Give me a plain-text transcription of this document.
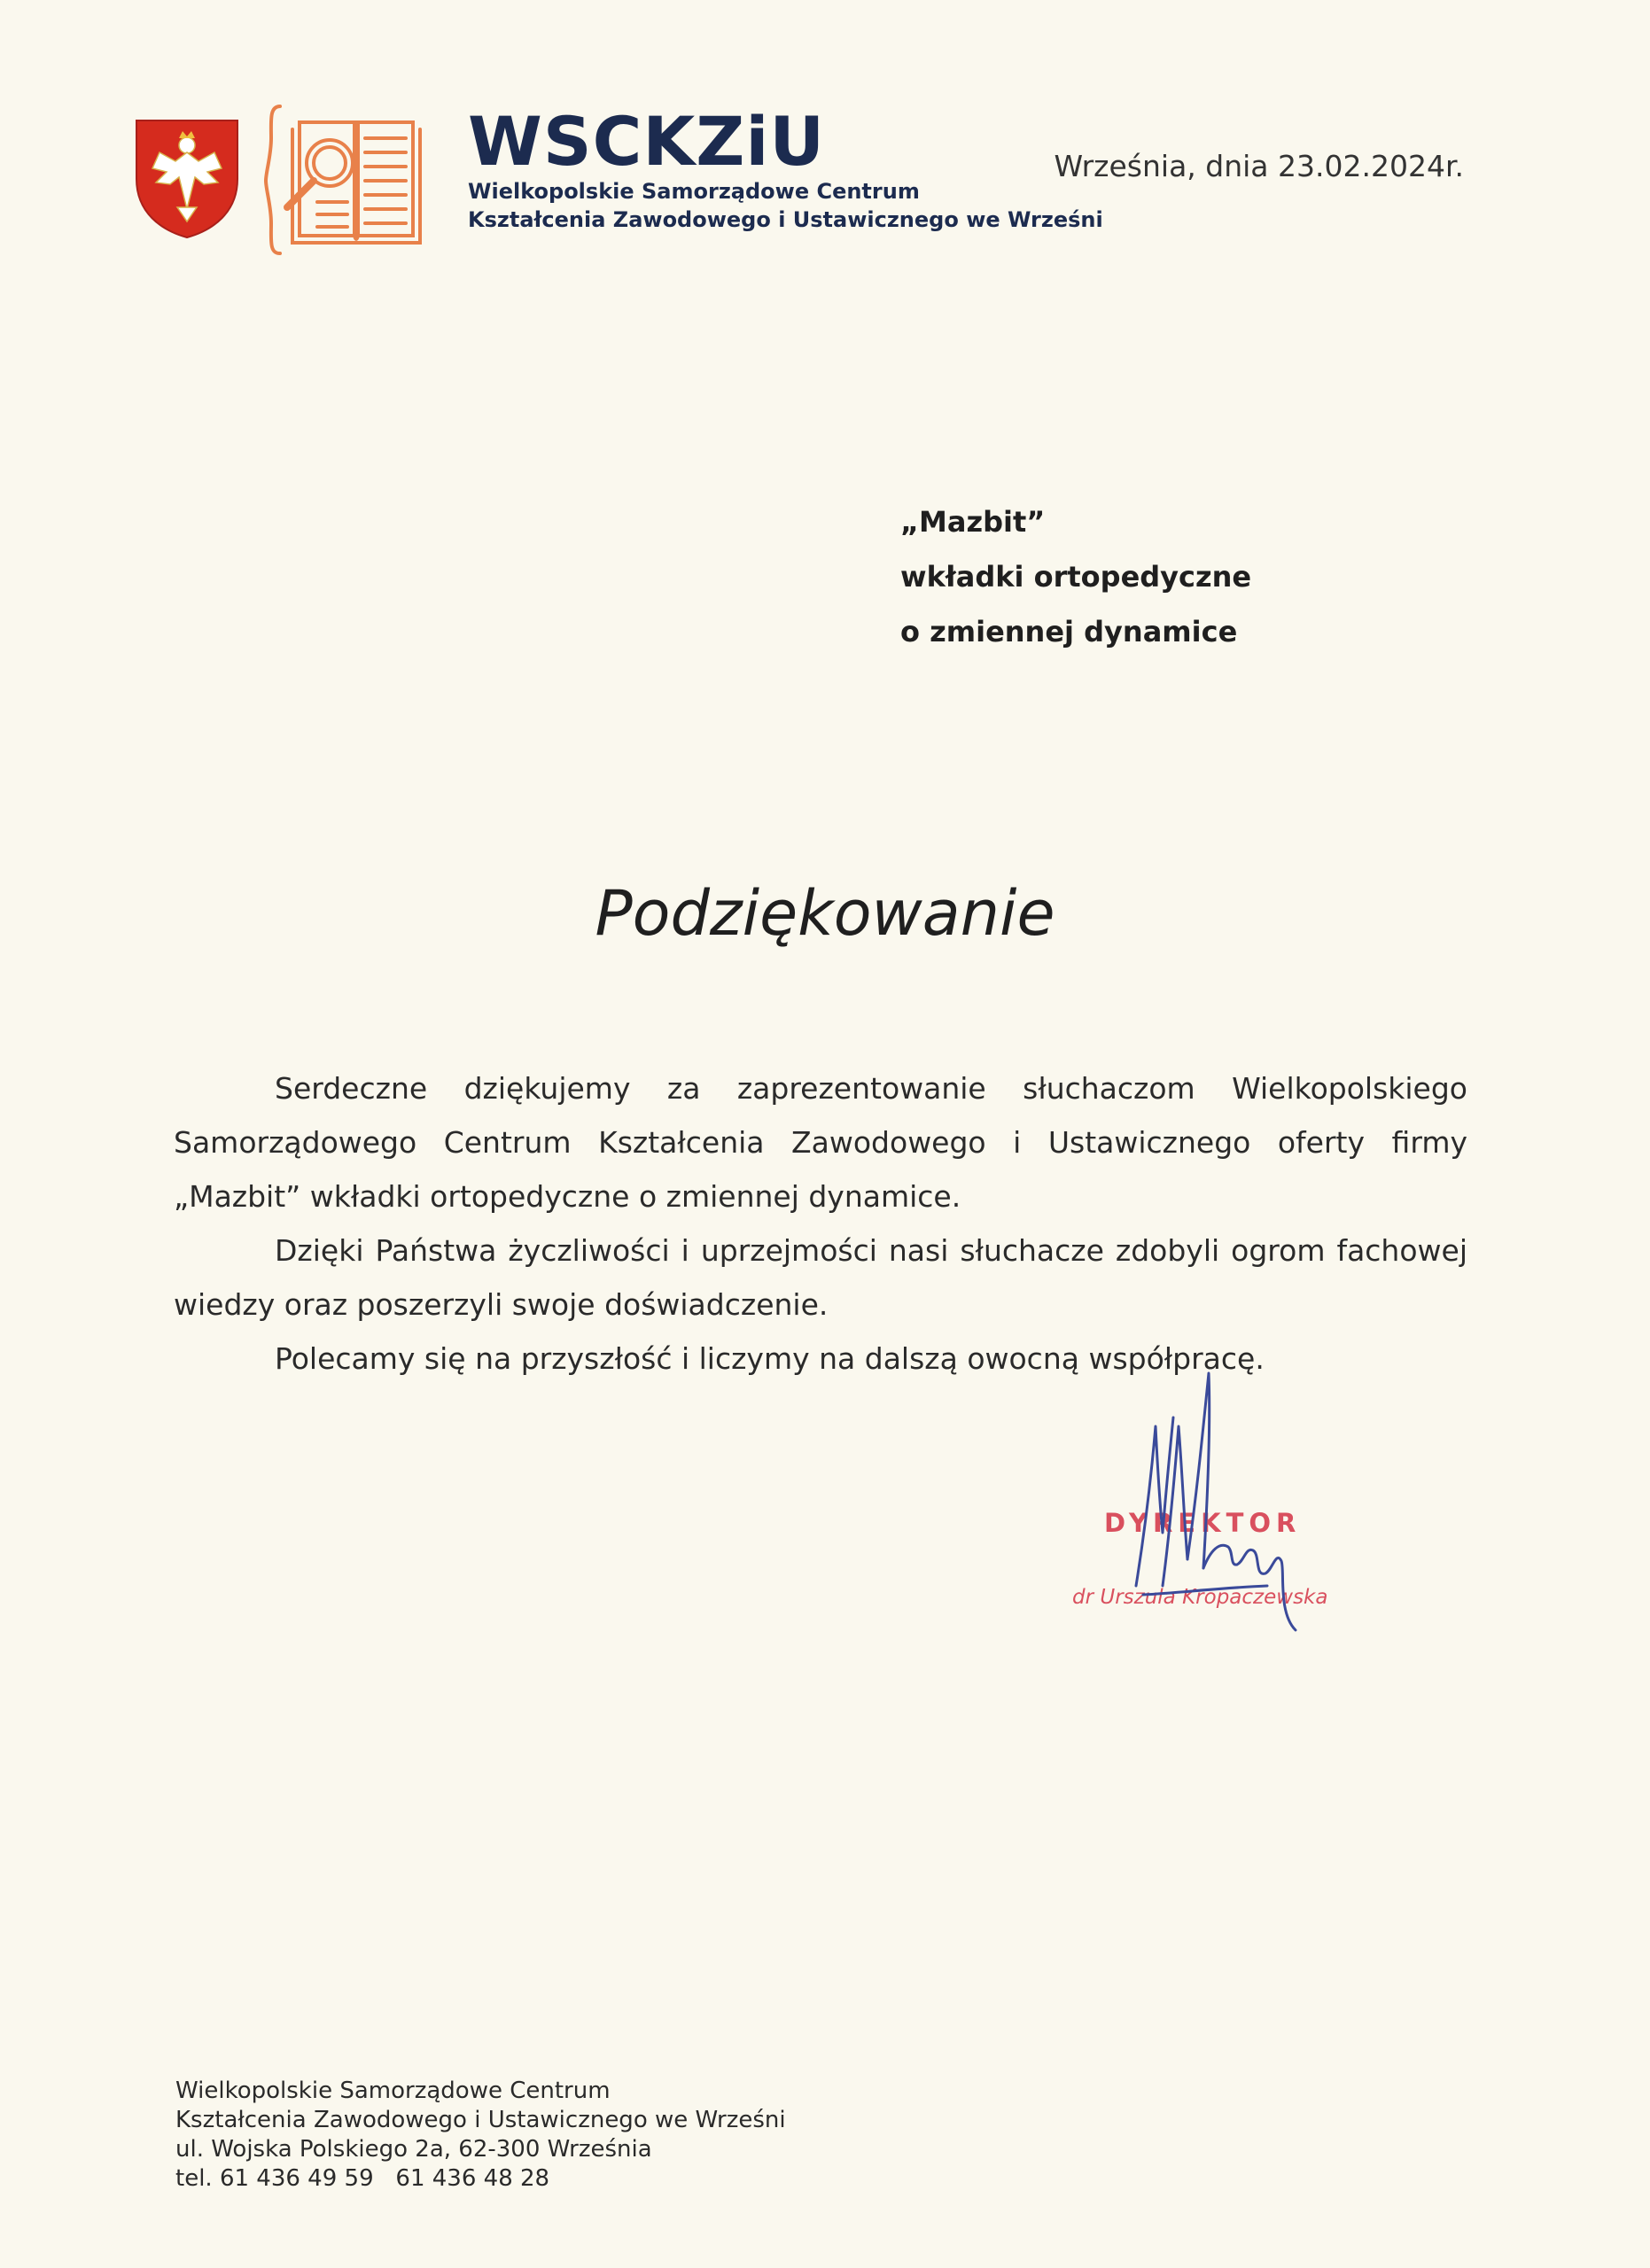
WSCKZiU
Wielkopolskie Samorządowe Centrum
Kształcenia Zawodowego i Ustawicznego we Wrześni
Września, dnia 23.02.2024r.
„Mazbit”
wkładki ortopedyczne
o zmiennej dynamice
Podziękowanie

Serdeczne dziękujemy za zaprezentowanie słuchaczom Wielkopolskiego Samorządowego Centrum Kształcenia Zawodowego i Ustawicznego oferty firmy „Mazbit” wkładki ortopedyczne o zmiennej dynamice.

Dzięki Państwa życzliwości i uprzejmości nasi słuchacze zdobyli ogrom fachowej wiedzy oraz poszerzyli swoje doświadczenie.

Polecamy się na przyszłość i liczymy na dalszą owocną współpracę.

DYREKTOR
dr Urszula Kropaczewska
Wielkopolskie Samorządowe Centrum
Kształcenia Zawodowego i Ustawicznego we Wrześni
ul. Wojska Polskiego 2a, 62-300 Września
tel. 61 436 49 59   61 436 48 28
